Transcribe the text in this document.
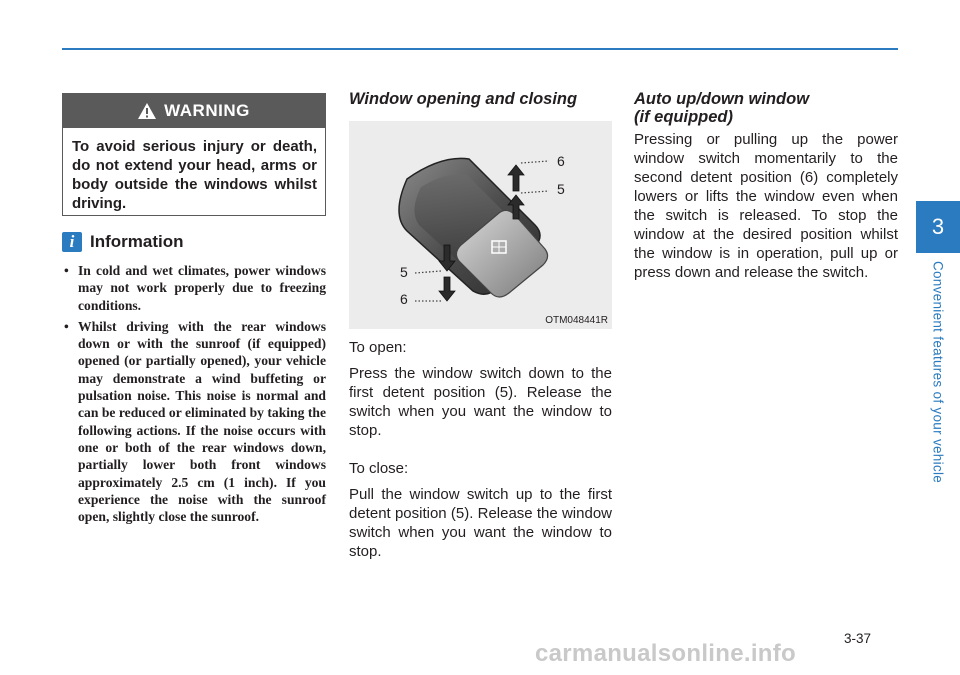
WARNING
To avoid serious injury or death, do not extend your head, arms or body outside the windows whilst driving.
i Information
• In cold and wet climates, power windows may not work properly due to freezing conditions.
• Whilst driving with the rear windows down or with the sunroof (if equipped) opened (or partially opened), your vehicle may demonstrate a wind buffeting or pulsation noise. This noise is normal and can be reduced or eliminated by taking the following actions. If the noise occurs with one or both of the rear windows down, partially lower both front windows approximately 2.5 cm (1 inch). If you experience the noise with the sunroof open, slightly close the sunroof.
Window opening and closing
6
5
5
6
OTM048441R

To open:

Press the window switch down to the first detent position (5). Release the switch when you want the window to stop.

To close:

Pull the window switch up to the first detent position (5). Release the window switch when you want the window to stop.

Auto up/down window
(if equipped)

Pressing or pulling up the power window switch momentarily to the second detent position (6) completely lowers or lifts the window even when the switch is released. To stop the window at the desired position whilst the window is in operation, pull up or press down and release the switch.

3
Convenient features of your vehicle
3-37
carmanualsonline.info
